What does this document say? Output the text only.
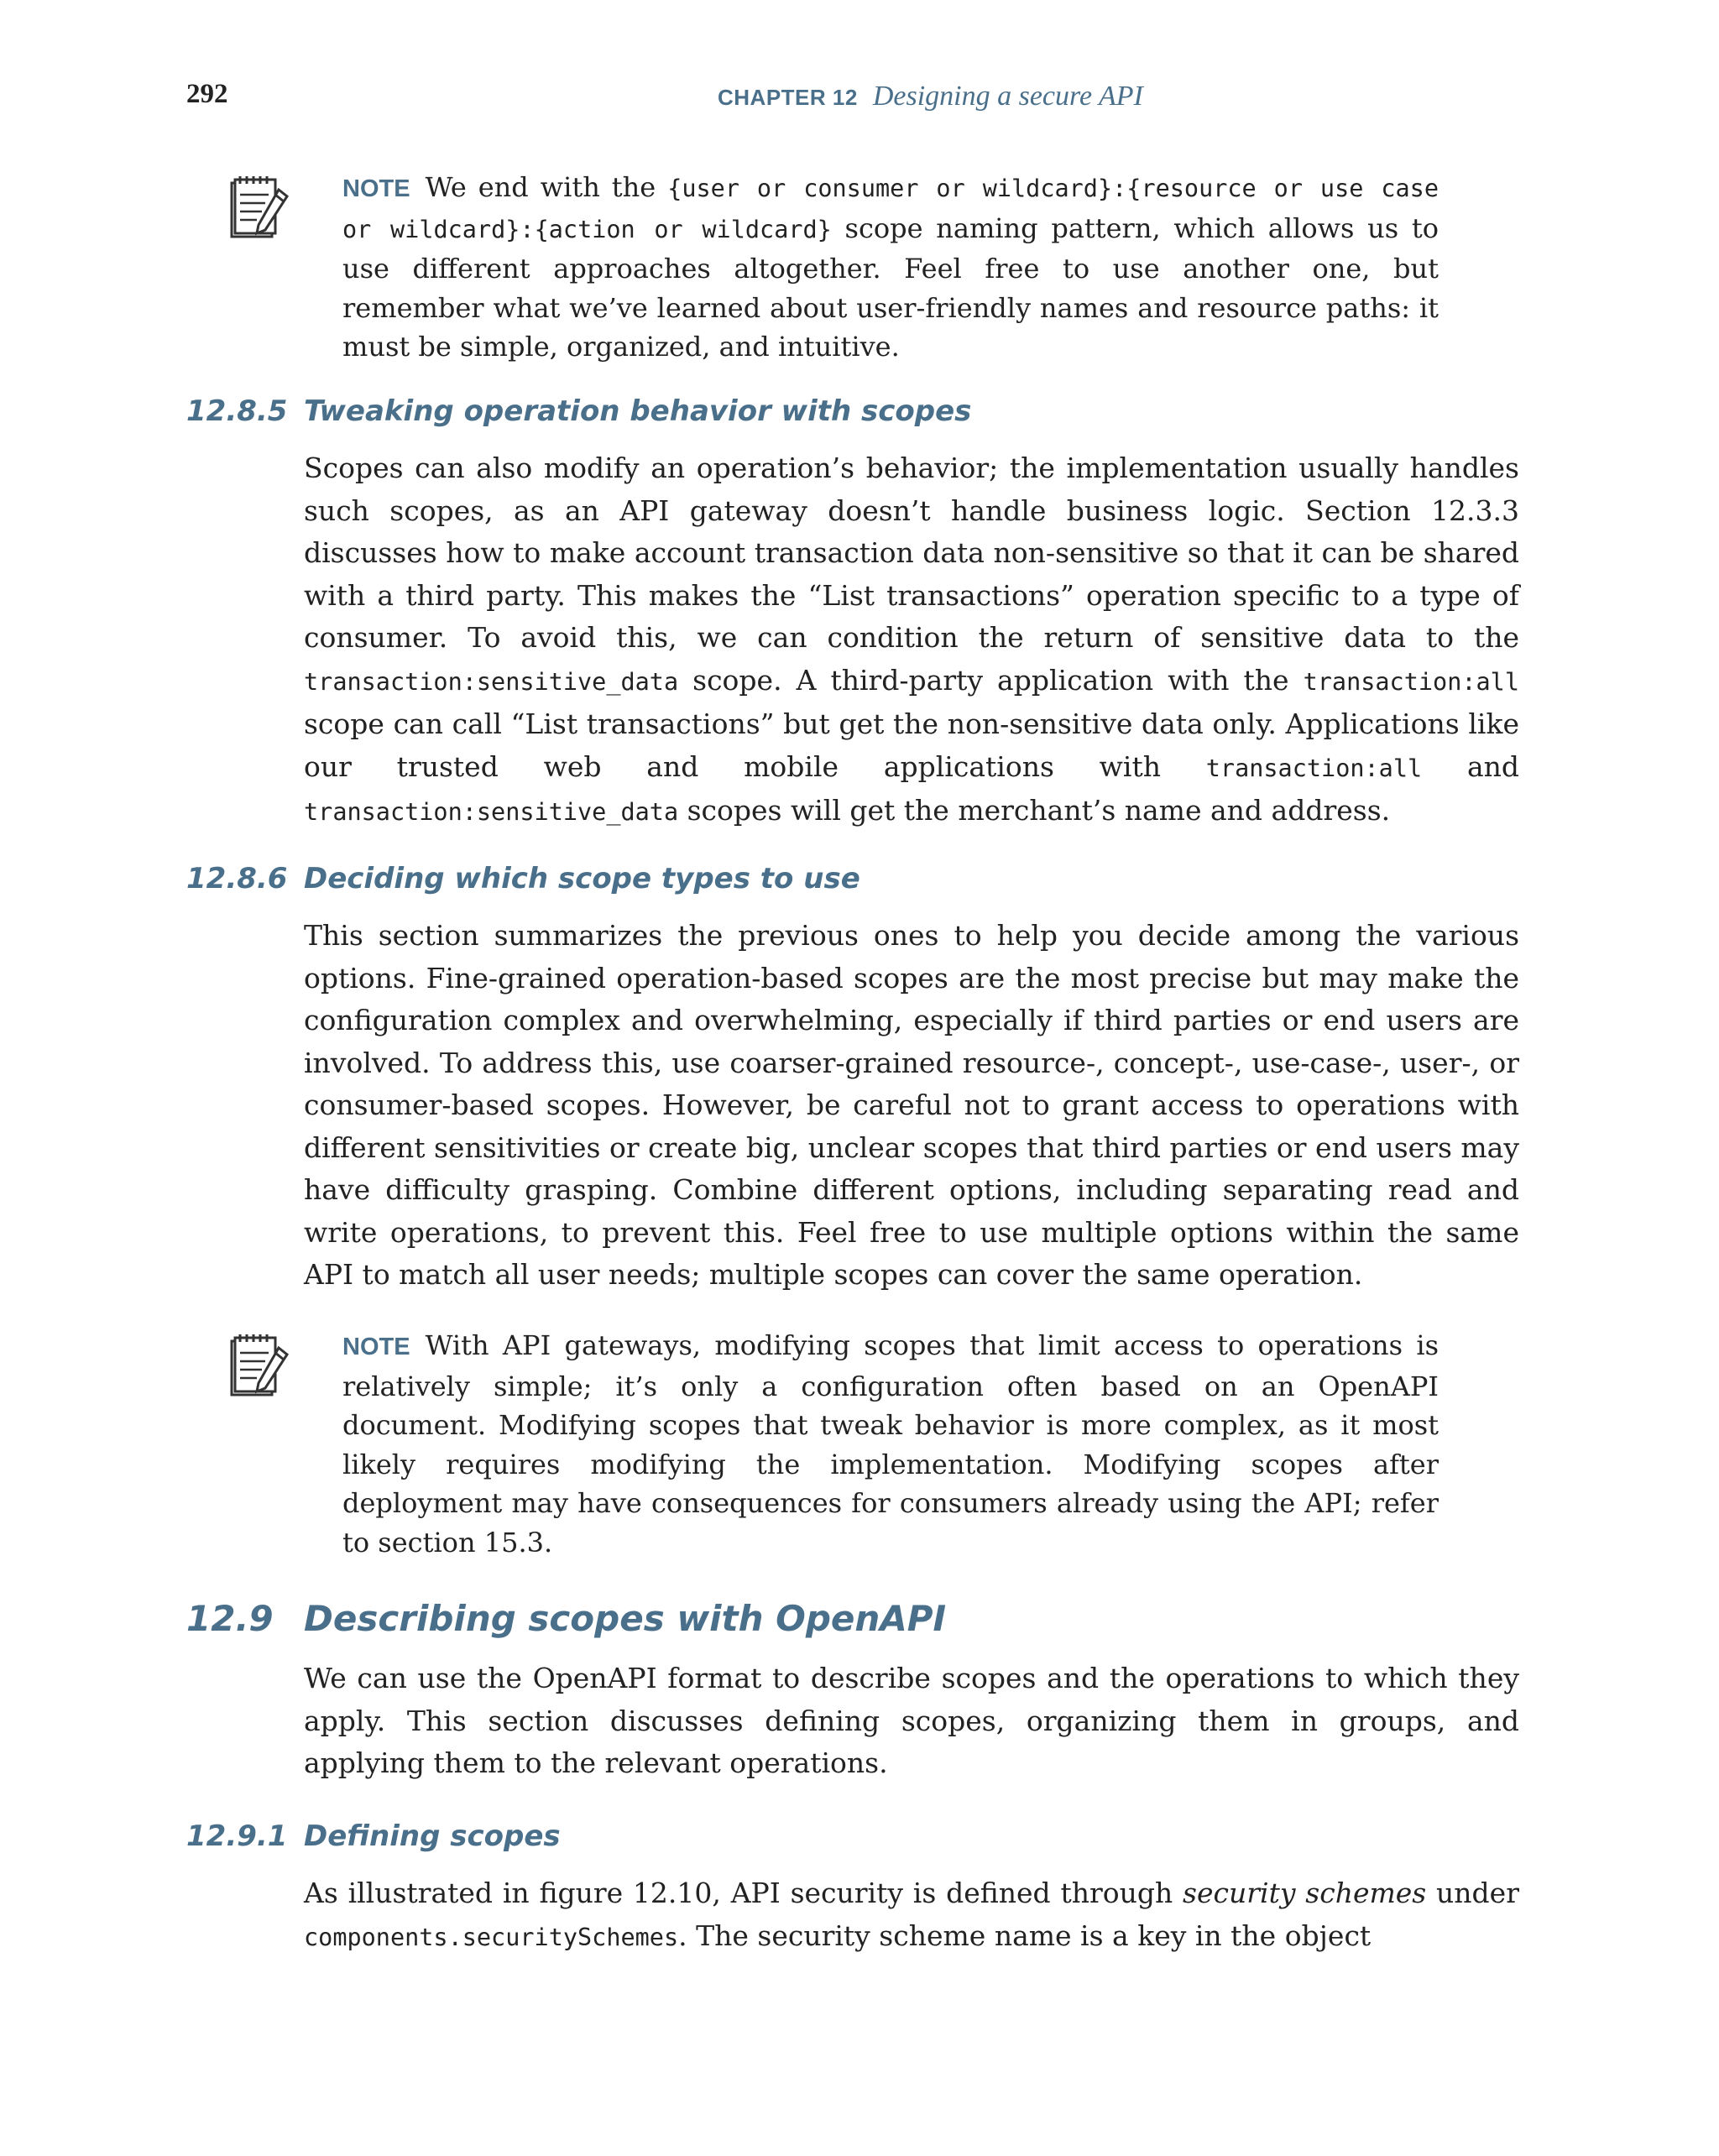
292	CHAPTER 12 Designing a secure API
NOTE We end with the {user or consumer or wildcard}:{resource or use case or wildcard}:{action or wildcard} scope naming pattern, which allows us to use different approaches altogether. Feel free to use another one, but remember what we’ve learned about user-friendly names and resource paths: it must be simple, organized, and intuitive.
12.8.5 Tweaking operation behavior with scopes
Scopes can also modify an operation’s behavior; the implementation usually handles such scopes, as an API gateway doesn’t handle business logic. Section 12.3.3 discusses how to make account transaction data non-sensitive so that it can be shared with a third party. This makes the “List transactions” operation specific to a type of consumer. To avoid this, we can condition the return of sensitive data to the transaction:sensitive_data scope. A third-party application with the transaction:all scope can call “List transactions” but get the non-sensitive data only. Applications like our trusted web and mobile applications with transaction:all and transaction:sensitive_data scopes will get the merchant’s name and address.
12.8.6 Deciding which scope types to use
This section summarizes the previous ones to help you decide among the various options. Fine-grained operation-based scopes are the most precise but may make the configuration complex and overwhelming, especially if third parties or end users are involved. To address this, use coarser-grained resource-, concept-, use-case-, user-, or consumer-based scopes. However, be careful not to grant access to operations with different sensitivities or create big, unclear scopes that third parties or end users may have difficulty grasping. Combine different options, including separating read and write operations, to prevent this. Feel free to use multiple options within the same API to match all user needs; multiple scopes can cover the same operation.
NOTE With API gateways, modifying scopes that limit access to operations is relatively simple; it’s only a configuration often based on an OpenAPI document. Modifying scopes that tweak behavior is more complex, as it most likely requires modifying the implementation. Modifying scopes after deployment may have consequences for consumers already using the API; refer to section 15.3.
12.9 Describing scopes with OpenAPI
We can use the OpenAPI format to describe scopes and the operations to which they apply. This section discusses defining scopes, organizing them in groups, and applying them to the relevant operations.
12.9.1 Defining scopes
As illustrated in figure 12.10, API security is defined through security schemes under components.securitySchemes. The security scheme name is a key in the object
